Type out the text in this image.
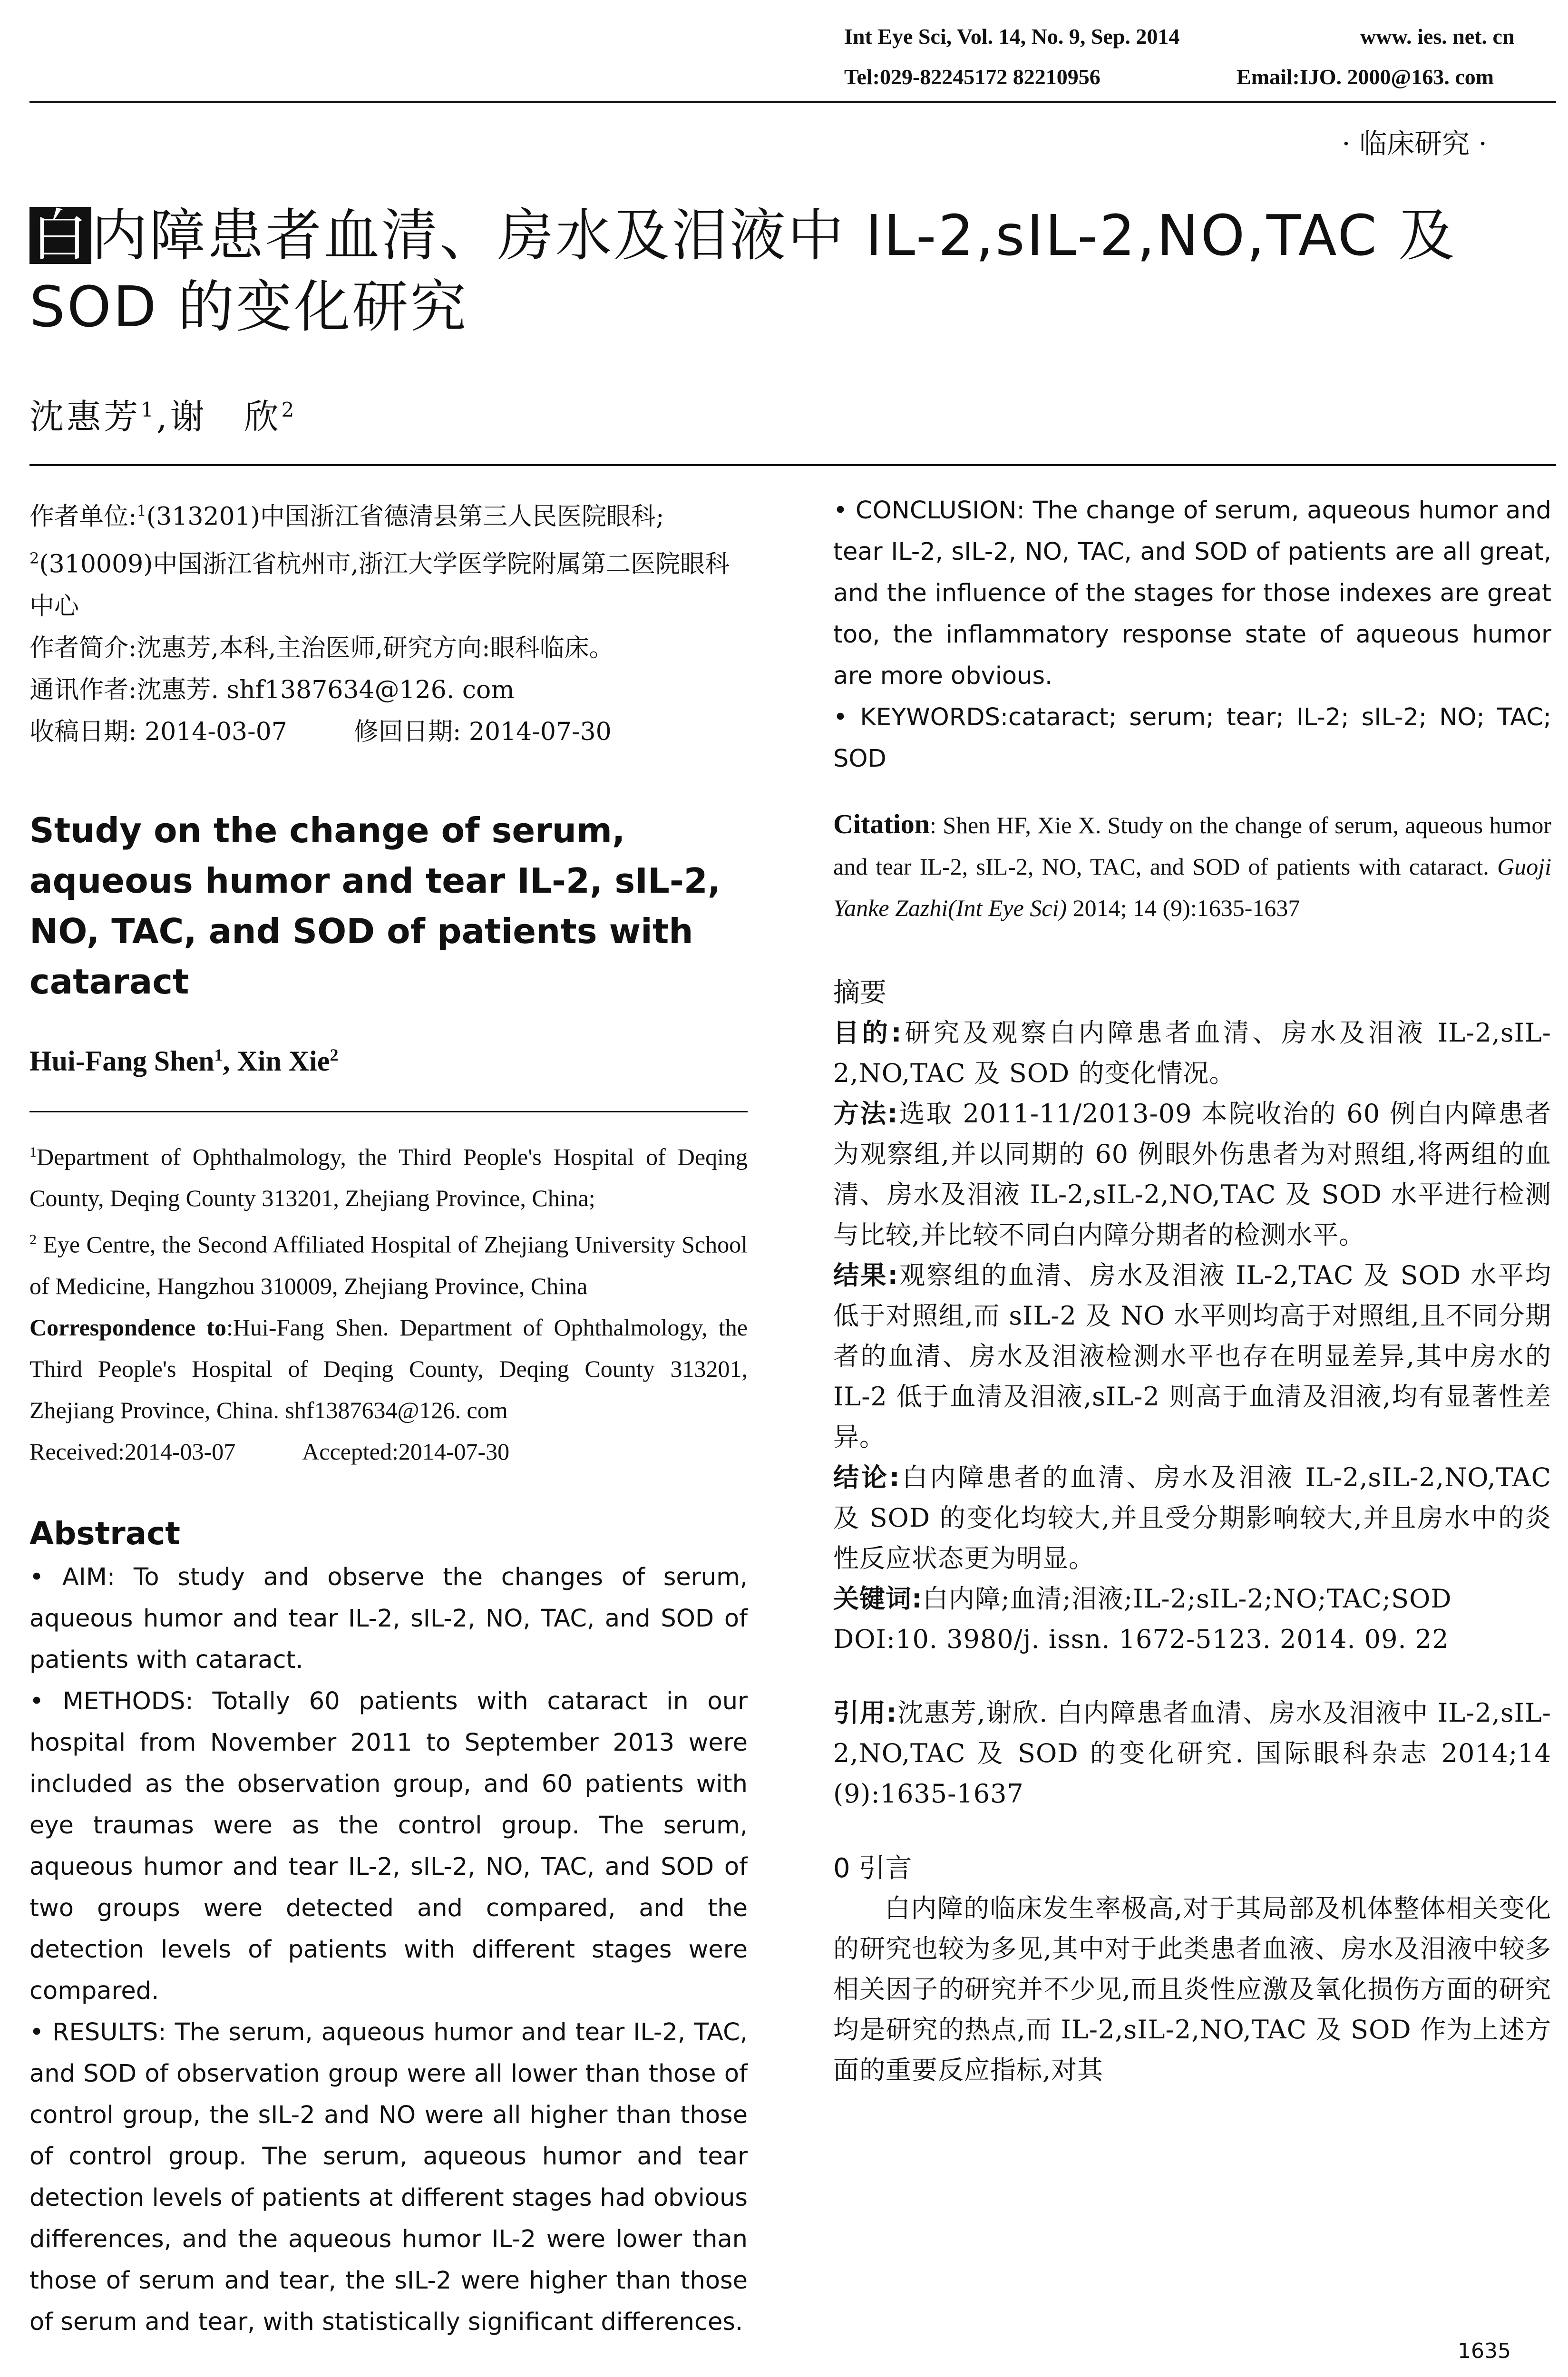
Int Eye Sci, Vol. 14, No. 9, Sep. 2014	www. ies. net. cn
Tel:029-82245172 82210956	Email:IJO. 2000@163. com
· 临床研究 ·
白内障患者血清、房水及泪液中 IL-2,sIL-2,NO,TAC 及 SOD 的变化研究
沈惠芳$^1$,谢　欣$^2$

作者单位:$^1$(313201)中国浙江省德清县第三人民医院眼科;
$^2$(310009)中国浙江省杭州市,浙江大学医学院附属第二医院眼科中心

作者简介:沈惠芳,本科,主治医师,研究方向:眼科临床。

通讯作者:沈惠芳. shf1387634@126. com

收稿日期: 2014-03-07	修回日期: 2014-07-30

Study on the change of serum, aqueous humor and tear IL-2, sIL-2, NO, TAC, and SOD of patients with cataract

Hui-Fang Shen$^1$, Xin Xie$^2$

$^1$Department of Ophthalmology, the Third People's Hospital of Deqing County, Deqing County 313201, Zhejiang Province, China;

$^2$ Eye Centre, the Second Affiliated Hospital of Zhejiang University School of Medicine, Hangzhou 310009, Zhejiang Province, China

Correspondence to:Hui-Fang Shen. Department of Ophthalmology, the Third People's Hospital of Deqing County, Deqing County 313201, Zhejiang Province, China. shf1387634@126. com

Received:2014-03-07	Accepted:2014-07-30

Abstract

• AIM: To study and observe the changes of serum, aqueous humor and tear IL-2, sIL-2, NO, TAC, and SOD of patients with cataract.

• METHODS: Totally 60 patients with cataract in our hospital from November 2011 to September 2013 were included as the observation group, and 60 patients with eye traumas were as the control group. The serum, aqueous humor and tear IL-2, sIL-2, NO, TAC, and SOD of two groups were detected and compared, and the detection levels of patients with different stages were compared.

• RESULTS: The serum, aqueous humor and tear IL-2, TAC, and SOD of observation group were all lower than those of control group, the sIL-2 and NO were all higher than those of control group. The serum, aqueous humor and tear detection levels of patients at different stages had obvious differences, and the aqueous humor IL-2 were lower than those of serum and tear, the sIL-2 were higher than those of serum and tear, with statistically significant differences.

• CONCLUSION: The change of serum, aqueous humor and tear IL-2, sIL-2, NO, TAC, and SOD of patients are all great, and the influence of the stages for those indexes are great too, the inflammatory response state of aqueous humor are more obvious.

• KEYWORDS:cataract; serum; tear; IL-2; sIL-2; NO; TAC; SOD

Citation: Shen HF, Xie X. Study on the change of serum, aqueous humor and tear IL-2, sIL-2, NO, TAC, and SOD of patients with cataract. Guoji Yanke Zazhi(Int Eye Sci) 2014; 14 (9):1635-1637

摘要

目的:研究及观察白内障患者血清、房水及泪液 IL-2,sIL-2,NO,TAC 及 SOD 的变化情况。

方法:选取 2011-11/2013-09 本院收治的 60 例白内障患者为观察组,并以同期的 60 例眼外伤患者为对照组,将两组的血清、房水及泪液 IL-2,sIL-2,NO,TAC 及 SOD 水平进行检测与比较,并比较不同白内障分期者的检测水平。

结果:观察组的血清、房水及泪液 IL-2,TAC 及 SOD 水平均低于对照组,而 sIL-2 及 NO 水平则均高于对照组,且不同分期者的血清、房水及泪液检测水平也存在明显差异,其中房水的 IL-2 低于血清及泪液,sIL-2 则高于血清及泪液,均有显著性差异。

结论:白内障患者的血清、房水及泪液 IL-2,sIL-2,NO,TAC 及 SOD 的变化均较大,并且受分期影响较大,并且房水中的炎性反应状态更为明显。

关键词:白内障;血清;泪液;IL-2;sIL-2;NO;TAC;SOD

DOI:10. 3980/j. issn. 1672-5123. 2014. 09. 22

引用:沈惠芳,谢欣. 白内障患者血清、房水及泪液中 IL-2,sIL-2,NO,TAC 及 SOD 的变化研究. 国际眼科杂志 2014;14 (9):1635-1637

0 引言

白内障的临床发生率极高,对于其局部及机体整体相关变化的研究也较为多见,其中对于此类患者血液、房水及泪液中较多相关因子的研究并不少见,而且炎性应激及氧化损伤方面的研究均是研究的热点,而 IL-2,sIL-2,NO,TAC 及 SOD 作为上述方面的重要反应指标,对其

1635
